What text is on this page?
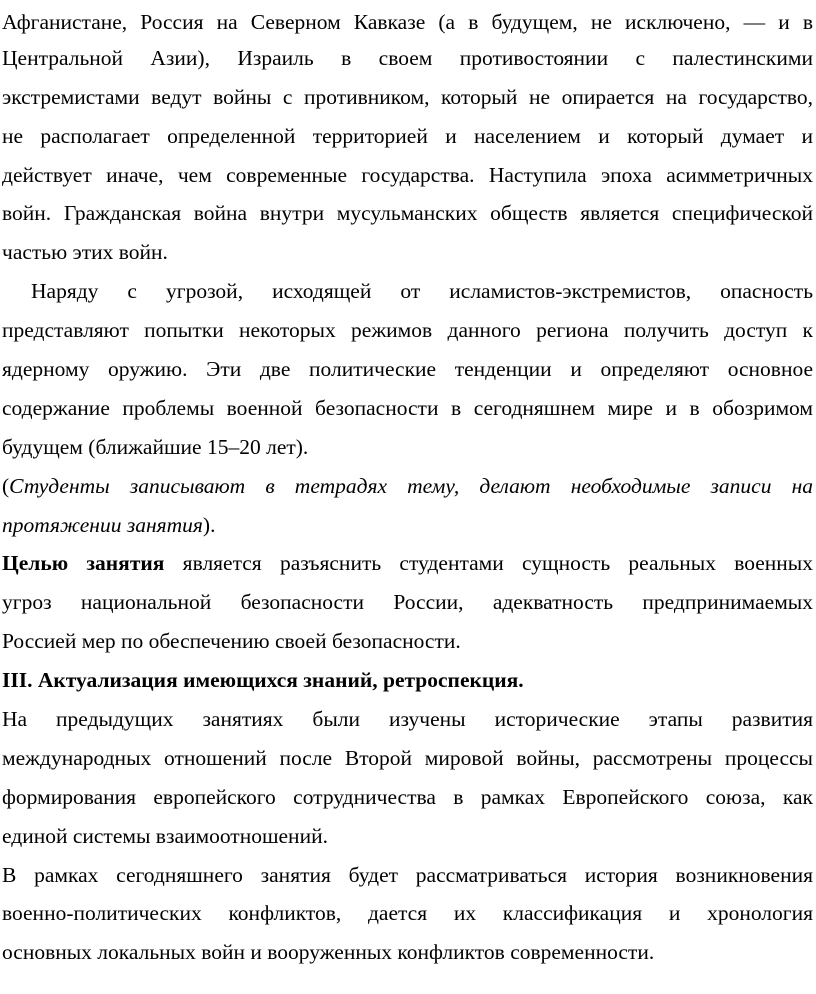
Афганистане, Россия на Северном Кавказе (а в будущем, не исключено, — и в
Центральной Азии), Израиль в своем противостоянии с палестинскими
экстремистами ведут войны с противником, который не опирается на государство,
не располагает определенной территорией и населением и который думает и
действует иначе, чем современные государства. Наступила эпоха асимметричных
войн. Гражданская война внутри мусульманских обществ является специфической
частью этих войн.
Наряду с угрозой, исходящей от исламистов-экстремистов, опасность
представляют попытки некоторых режимов данного региона получить доступ к
ядерному оружию. Эти две политические тенденции и определяют основное
содержание проблемы военной безопасности в сегодняшнем мире и в обозримом
будущем (ближайшие 15–20 лет).
(Студенты записывают в тетрадях тему, делают необходимые записи на
протяжении занятия).
Целью занятия является разъяснить студентами сущность реальных военных
угроз национальной безопасности России, адекватность предпринимаемых
Россией мер по обеспечению своей безопасности.
III. Актуализация имеющихся знаний, ретроспекция.
На предыдущих занятиях были изучены исторические этапы развития
международных отношений после Второй мировой войны, рассмотрены процессы
формирования европейского сотрудничества в рамках Европейского союза, как
единой системы взаимоотношений.
В рамках сегодняшнего занятия будет рассматриваться история возникновения
военно-политических конфликтов, дается их классификация и хронология
основных локальных войн и вооруженных конфликтов современности.
